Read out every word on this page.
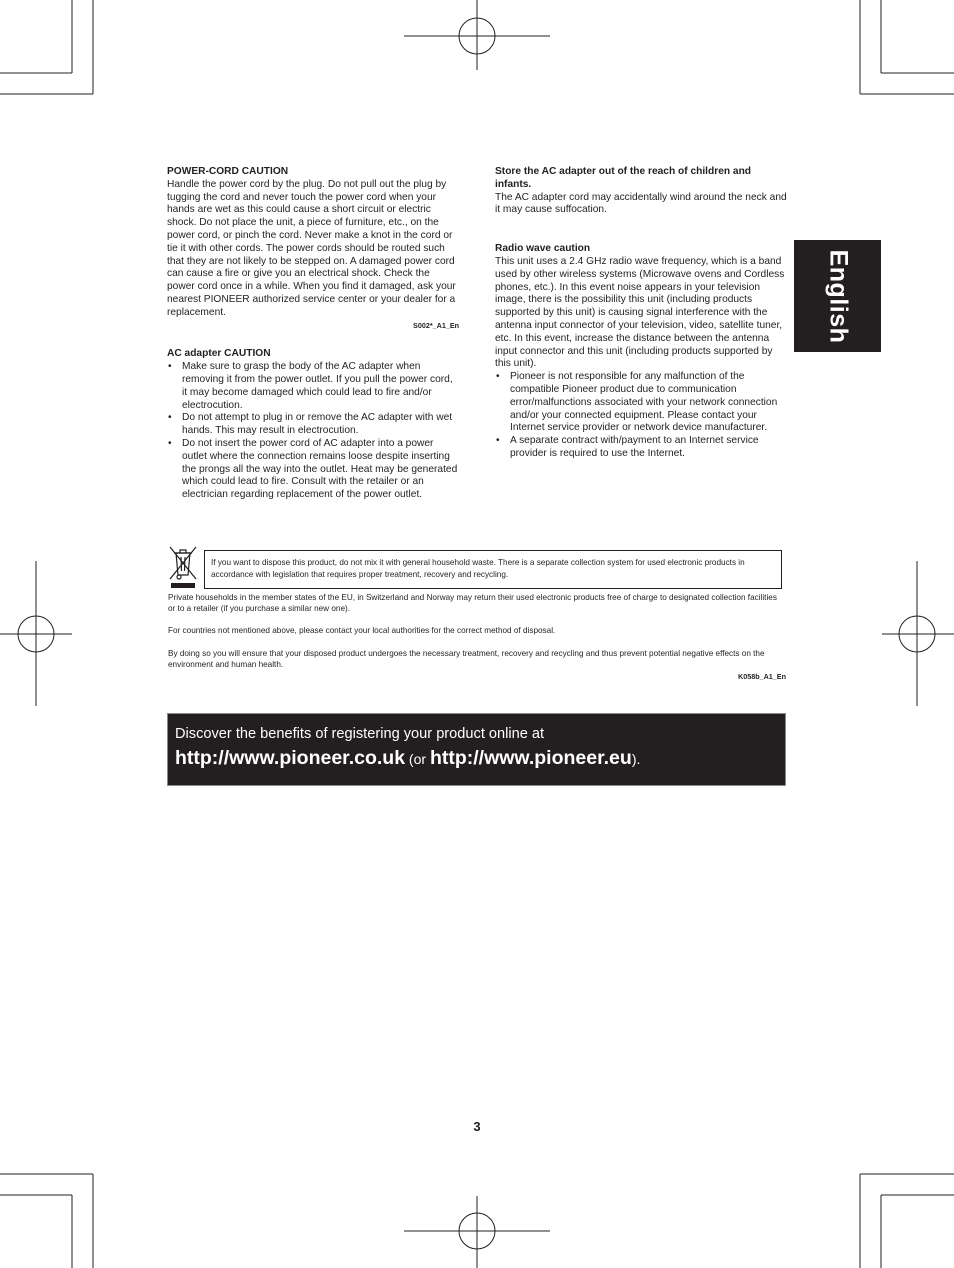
POWER-CORD CAUTION

Handle the power cord by the plug. Do not pull out the plug by tugging the cord and never touch the power cord when your hands are wet as this could cause a short circuit or electric shock. Do not place the unit, a piece of furniture, etc., on the power cord, or pinch the cord. Never make a knot in the cord or tie it with other cords. The power cords should be routed such that they are not likely to be stepped on. A damaged power cord can cause a fire or give you an electrical shock. Check the power cord once in a while. When you find it damaged, ask your nearest PIONEER authorized service center or your dealer for a replacement.

S002*_A1_En

AC adapter CAUTION

• Make sure to grasp the body of the AC adapter when removing it from the power outlet. If you pull the power cord, it may become damaged which could lead to fire and/or electrocution.
• Do not attempt to plug in or remove the AC adapter with wet hands. This may result in electrocution.
• Do not insert the power cord of AC adapter into a power outlet where the connection remains loose despite inserting the prongs all the way into the outlet. Heat may be generated which could lead to fire. Consult with the retailer or an electrician regarding replacement of the power outlet.

Store the AC adapter out of the reach of children and infants.

The AC adapter cord may accidentally wind around the neck and it may cause suffocation.

Radio wave caution

This unit uses a 2.4 GHz radio wave frequency, which is a band used by other wireless systems (Microwave ovens and Cordless phones, etc.). In this event noise appears in your television image, there is the possibility this unit (including products supported by this unit) is causing signal interference with the antenna input connector of your television, video, satellite tuner, etc. In this event, increase the distance between the antenna input connector and this unit (including products supported by this unit).

• Pioneer is not responsible for any malfunction of the compatible Pioneer product due to communication error/malfunctions associated with your network connection and/or your connected equipment. Please contact your Internet service provider or network device manufacturer.
• A separate contract with/payment to an Internet service provider is required to use the Internet.
English
If you want to dispose this product, do not mix it with general household waste. There is a separate collection system for used electronic products in accordance with legislation that requires proper treatment, recovery and recycling.

Private households in the member states of the EU, in Switzerland and Norway may return their used electronic products free of charge to designated collection facilities or to a retailer (if you purchase a similar new one).

For countries not mentioned above, please contact your local authorities for the correct method of disposal.

By doing so you will ensure that your disposed product undergoes the necessary treatment, recovery and recycling and thus prevent potential negative effects on the environment and human health.

K058b_A1_En
Discover the benefits of registering your product online at
http://www.pioneer.co.uk (or http://www.pioneer.eu).
3
